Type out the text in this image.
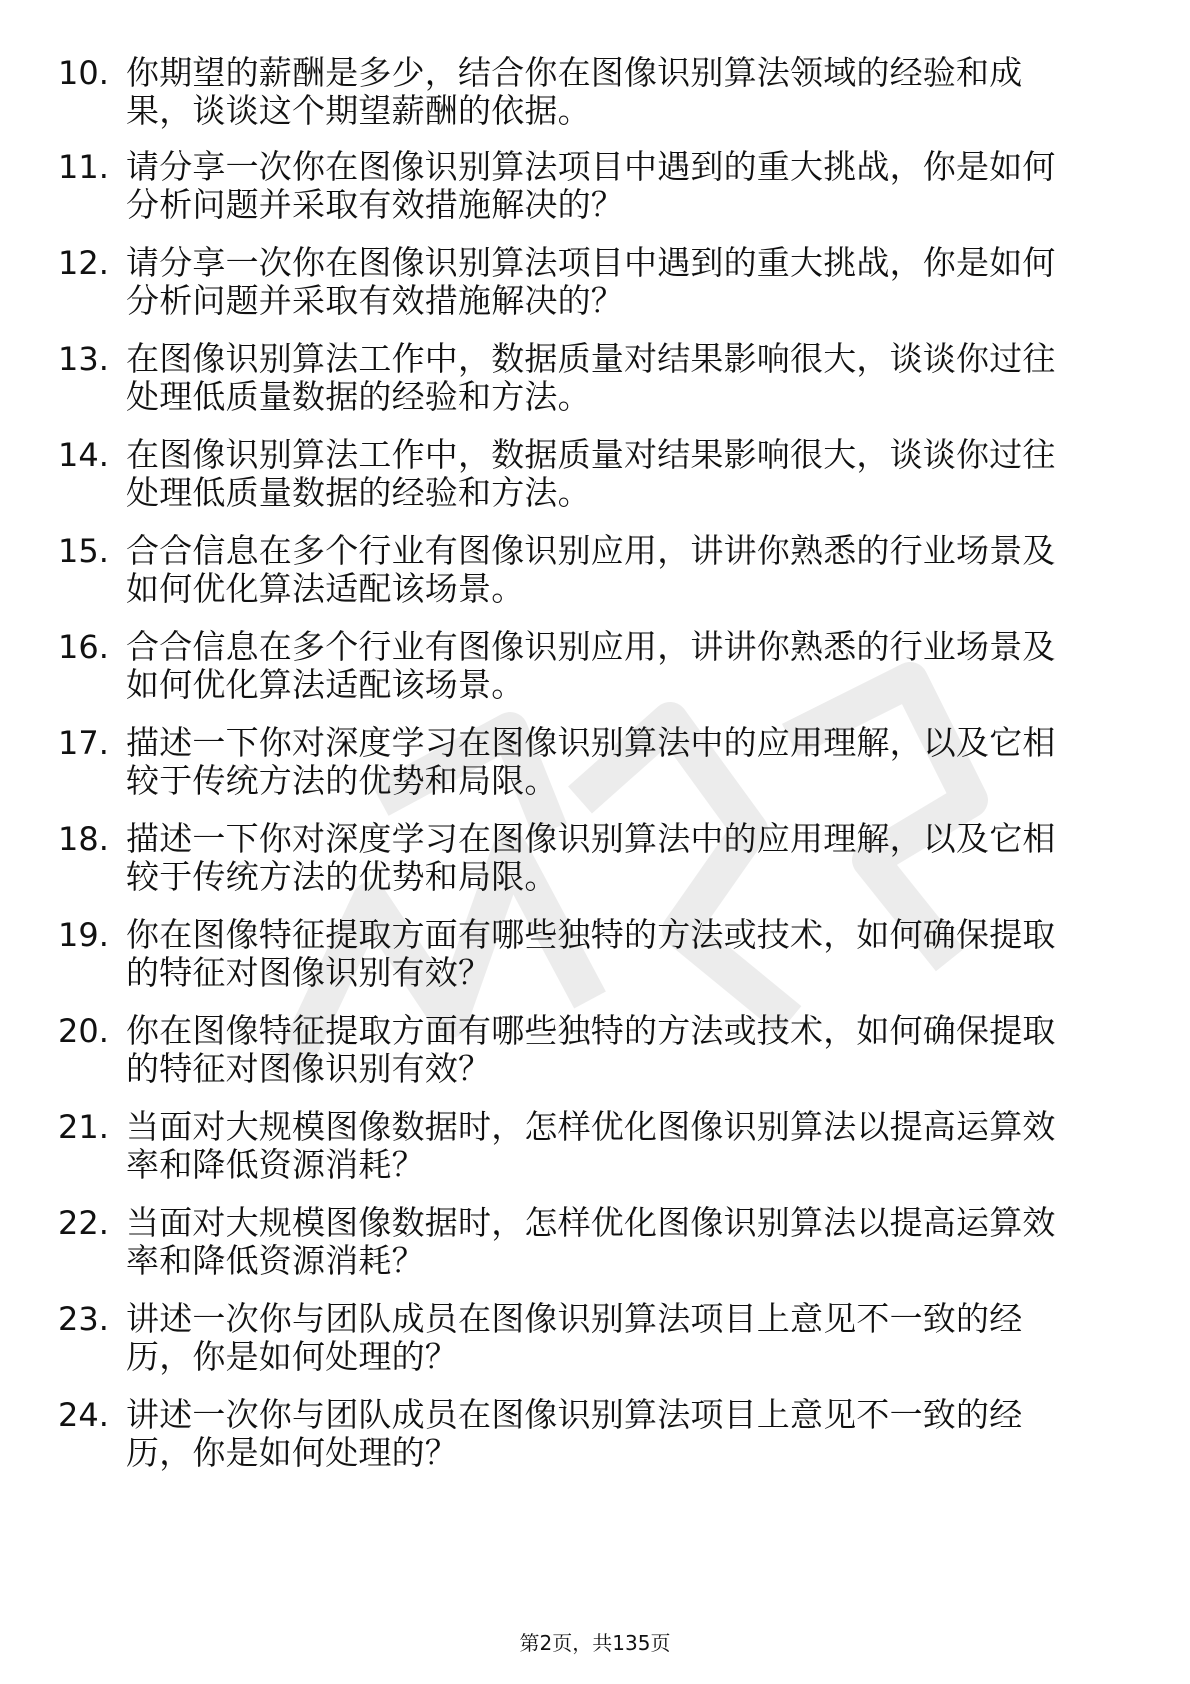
10. 你期望的薪酬是多少，结合你在图像识别算法领域的经验和成
果，谈谈这个期望薪酬的依据。
11. 请分享一次你在图像识别算法项目中遇到的重大挑战，你是如何
分析问题并采取有效措施解决的？
12. 请分享一次你在图像识别算法项目中遇到的重大挑战，你是如何
分析问题并采取有效措施解决的？
13. 在图像识别算法工作中，数据质量对结果影响很大，谈谈你过往
处理低质量数据的经验和方法。
14. 在图像识别算法工作中，数据质量对结果影响很大，谈谈你过往
处理低质量数据的经验和方法。
15. 合合信息在多个行业有图像识别应用，讲讲你熟悉的行业场景及
如何优化算法适配该场景。
16. 合合信息在多个行业有图像识别应用，讲讲你熟悉的行业场景及
如何优化算法适配该场景。
17. 描述一下你对深度学习在图像识别算法中的应用理解，以及它相
较于传统方法的优势和局限。
18. 描述一下你对深度学习在图像识别算法中的应用理解，以及它相
较于传统方法的优势和局限。
19. 你在图像特征提取方面有哪些独特的方法或技术，如何确保提取
的特征对图像识别有效？
20. 你在图像特征提取方面有哪些独特的方法或技术，如何确保提取
的特征对图像识别有效？
21. 当面对大规模图像数据时，怎样优化图像识别算法以提高运算效
率和降低资源消耗？
22. 当面对大规模图像数据时，怎样优化图像识别算法以提高运算效
率和降低资源消耗？
23. 讲述一次你与团队成员在图像识别算法项目上意见不一致的经
历，你是如何处理的？
24. 讲述一次你与团队成员在图像识别算法项目上意见不一致的经
历，你是如何处理的？
第2页，共135页
